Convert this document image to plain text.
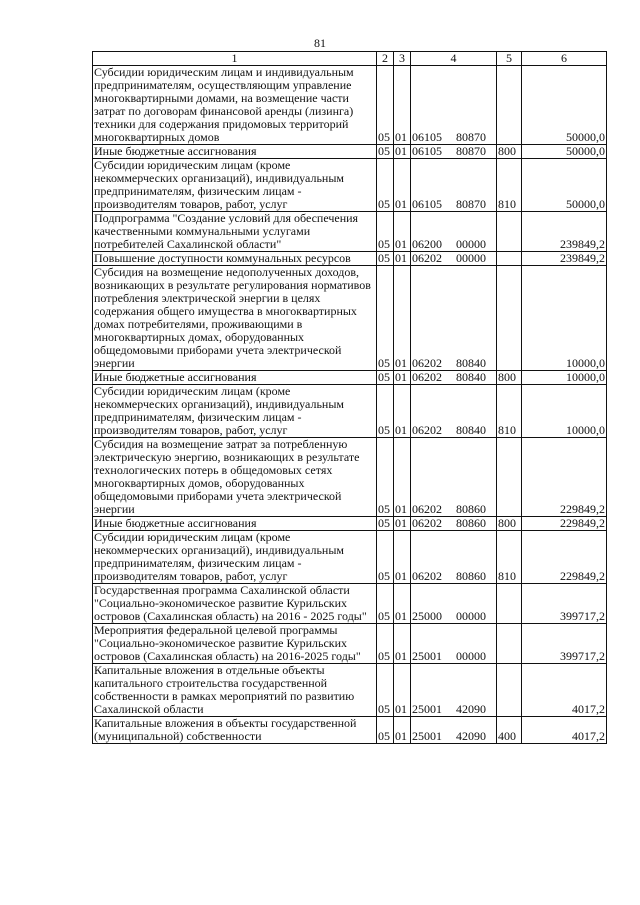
81
1	2	3	4	5	6
Субсидии юридическим лицам и индивидуальным предпринимателям, осуществляющим управление многоквартирными домами, на возмещение части затрат по договорам финансовой аренды (лизинга) техники для содержания придомовых территорий многоквартирных домов	05	01	06105 80870		50000,0
Иные бюджетные ассигнования	05	01	06105 80870	800	50000,0
Субсидии юридическим лицам (кроме некоммерческих организаций), индивидуальным предпринимателям, физическим лицам - производителям товаров, работ, услуг	05	01	06105 80870	810	50000,0
Подпрограмма "Создание условий для обеспечения качественными коммунальными услугами потребителей Сахалинской области"	05	01	06200 00000		239849,2
Повышение доступности коммунальных ресурсов	05	01	06202 00000		239849,2
Субсидия на возмещение недополученных доходов, возникающих в результате регулирования нормативов потребления электрической энергии в целях содержания общего имущества в многоквартирных домах потребителями, проживающими в многоквартирных домах, оборудованных общедомовыми приборами учета электрической энергии	05	01	06202 80840		10000,0
Иные бюджетные ассигнования	05	01	06202 80840	800	10000,0
Субсидии юридическим лицам (кроме некоммерческих организаций), индивидуальным предпринимателям, физическим лицам - производителям товаров, работ, услуг	05	01	06202 80840	810	10000,0
Субсидия на возмещение затрат за потребленную электрическую энергию, возникающих в результате технологических потерь в общедомовых сетях многоквартирных домов, оборудованных общедомовыми приборами учета электрической энергии	05	01	06202 80860		229849,2
Иные бюджетные ассигнования	05	01	06202 80860	800	229849,2
Субсидии юридическим лицам (кроме некоммерческих организаций), индивидуальным предпринимателям, физическим лицам - производителям товаров, работ, услуг	05	01	06202 80860	810	229849,2
Государственная программа Сахалинской области "Социально-экономическое развитие Курильских островов (Сахалинская область) на 2016 - 2025 годы"	05	01	25000 00000		399717,2
Мероприятия федеральной целевой программы "Социально-экономическое развитие Курильских островов (Сахалинская область) на 2016-2025 годы"	05	01	25001 00000		399717,2
Капитальные вложения в отдельные объекты капитального строительства государственной собственности в рамках мероприятий по развитию Сахалинской области	05	01	25001 42090		4017,2
Капитальные вложения в объекты государственной (муниципальной) собственности	05	01	25001 42090	400	4017,2
